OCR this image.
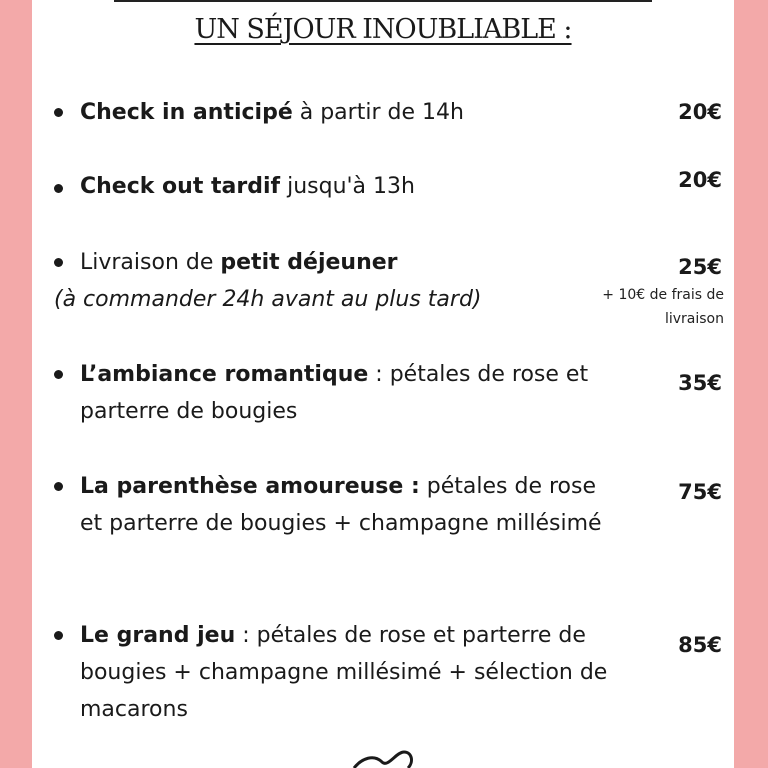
UN SÉJOUR INOUBLIABLE :
Check in anticipé à partir de 14h	20€
Check out tardif jusqu'à 13h	20€
Livraison de petit déjeuner
(à commander 24h avant au plus tard)
25€
+ 10€ de frais de livraison
L’ambiance romantique : pétales de rose et parterre de bougies
35€
La parenthèse amoureuse : pétales de rose et parterre de bougies + champagne millésimé
75€
Le grand jeu : pétales de rose et parterre de bougies + champagne millésimé + sélection de macarons
85€
